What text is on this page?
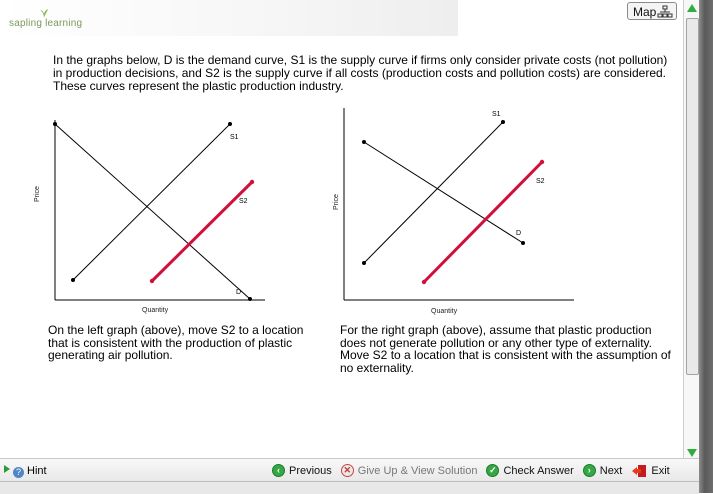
sapling learning
Map

In the graphs below, D is the demand curve, S1 is the supply curve if firms only consider private costs (not pollution) in production decisions, and S2 is the supply curve if all costs (production costs and pollution costs) are considered. These curves represent the plastic production industry.

D
S1
S2
Price
Quantity
D
S1
S2
Price
Quantity

On the left graph (above), move S2 to a location that is consistent with the production of plastic generating air pollution.

For the right graph (above), assume that plastic production does not generate pollution or any other type of externality. Move S2 to a location that is consistent with the assumption of no externality.

? Hint	‹ Previous ✕ Give Up & View Solution ✓ Check Answer	› Next	Exit
